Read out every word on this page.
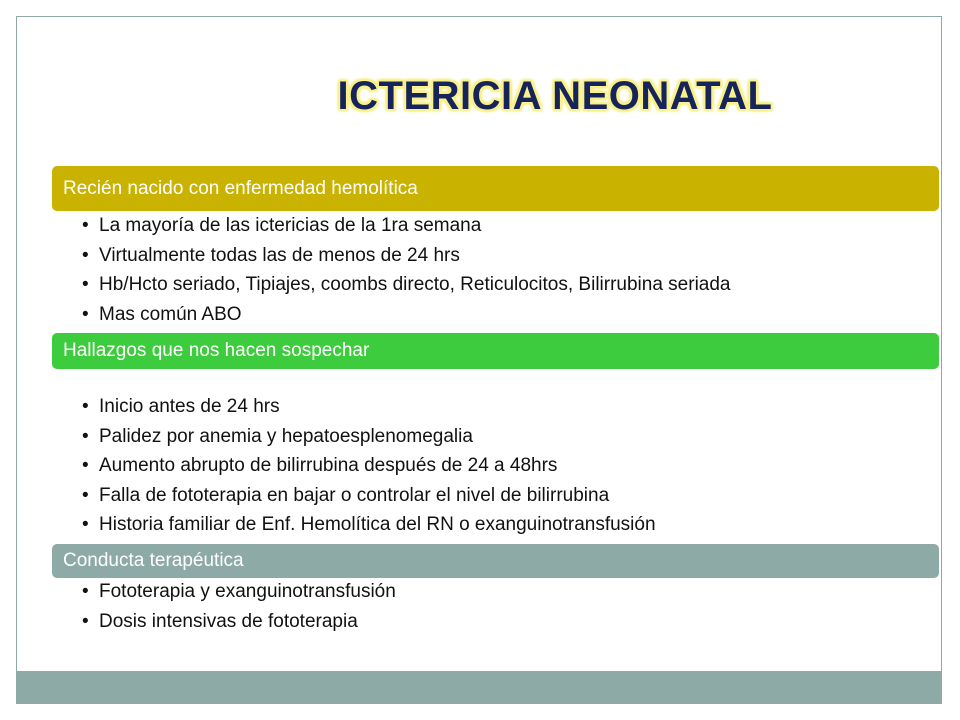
ICTERICIA NEONATAL
Recién nacido con enfermedad hemolítica
• La mayoría de las ictericias de la 1ra semana
• Virtualmente todas las de menos de 24 hrs
• Hb/Hcto seriado, Tipiajes, coombs directo, Reticulocitos, Bilirrubina seriada
• Mas común ABO
Hallazgos que nos hacen sospechar
• Inicio antes de 24 hrs
• Palidez por anemia y hepatoesplenomegalia
• Aumento abrupto de bilirrubina después de 24 a 48hrs
• Falla de fototerapia en bajar o controlar el nivel de bilirrubina
• Historia familiar de Enf. Hemolítica del RN o exanguinotransfusión
Conducta terapéutica
• Fototerapia y exanguinotransfusión
• Dosis intensivas de fototerapia
